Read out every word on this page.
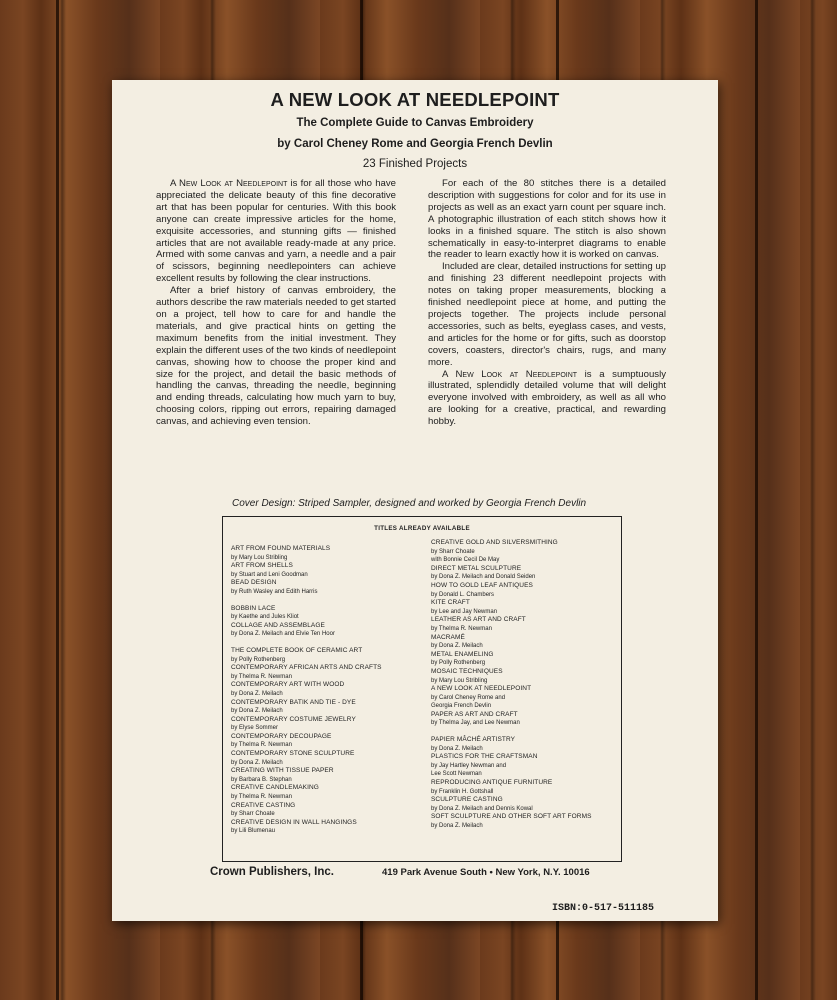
A NEW LOOK AT NEEDLEPOINT
The Complete Guide to Canvas Embroidery
by Carol Cheney Rome and Georgia French Devlin
23 Finished Projects

A New Look at Needlepoint is for all those who have appreciated the delicate beauty of this fine decorative art that has been popular for centuries. With this book anyone can create impressive articles for the home, exquisite accessories, and stunning gifts — finished articles that are not available ready-made at any price. Armed with some canvas and yarn, a needle and a pair of scissors, beginning needlepointers can achieve excellent results by following the clear instructions.

After a brief history of canvas embroidery, the authors describe the raw materials needed to get started on a project, tell how to care for and handle the materials, and give practical hints on getting the maximum benefits from the initial investment. They explain the different uses of the two kinds of needlepoint canvas, showing how to choose the proper kind and size for the project, and detail the basic methods of handling the canvas, threading the needle, beginning and ending threads, calculating how much yarn to buy, choosing colors, ripping out errors, repairing damaged canvas, and achieving even tension.

For each of the 80 stitches there is a detailed description with suggestions for color and for its use in projects as well as an exact yarn count per square inch. A photographic illustration of each stitch shows how it looks in a finished square. The stitch is also shown schematically in easy-to-interpret diagrams to enable the reader to learn exactly how it is worked on canvas.

Included are clear, detailed instructions for setting up and finishing 23 different needlepoint projects with notes on taking proper measurements, blocking a finished needlepoint piece at home, and putting the projects together. The projects include personal accessories, such as belts, eyeglass cases, and vests, and articles for the home or for gifts, such as doorstop covers, coasters, director's chairs, rugs, and many more.

A New Look at Needlepoint is a sumptuously illustrated, splendidly detailed volume that will delight everyone involved with embroidery, as well as all who are looking for a creative, practical, and rewarding hobby.

Cover Design: Striped Sampler, designed and worked by Georgia French Devlin
TITLES ALREADY AVAILABLE
ART FROM FOUND MATERIALS
by Mary Lou Stribling
ART FROM SHELLS
by Stuart and Leni Goodman
BEAD DESIGN
by Ruth Wasley and Edith Harris
BOBBIN LACE
by Kaethe and Jules Kliot
COLLAGE AND ASSEMBLAGE
by Dona Z. Meilach and Elvie Ten Hoor
THE COMPLETE BOOK OF CERAMIC ART
by Polly Rothenberg
CONTEMPORARY AFRICAN ARTS AND CRAFTS
by Thelma R. Newman
CONTEMPORARY ART WITH WOOD
by Dona Z. Meilach
CONTEMPORARY BATIK AND TIE - DYE
by Dona Z. Meilach
CONTEMPORARY COSTUME JEWELRY
by Elyse Sommer
CONTEMPORARY DECOUPAGE
by Thelma R. Newman
CONTEMPORARY STONE SCULPTURE
by Dona Z. Meilach
CREATING WITH TISSUE PAPER
by Barbara B. Stephan
CREATIVE CANDLEMAKING
by Thelma R. Newman
CREATIVE CASTING
by Sharr Choate
CREATIVE DESIGN IN WALL HANGINGS
by Lili Blumenau
CREATIVE GOLD AND SILVERSMITHING
by Sharr Choate
with Bonnie Cecil De May
DIRECT METAL SCULPTURE
by Dona Z. Meilach and Donald Seiden
HOW TO GOLD LEAF ANTIQUES
by Donald L. Chambers
KITE CRAFT
by Lee and Jay Newman
LEATHER AS ART AND CRAFT
by Thelma R. Newman
MACRAMÉ
by Dona Z. Meilach
METAL ENAMELING
by Polly Rothenberg
MOSAIC TECHNIQUES
by Mary Lou Stribling
A NEW LOOK AT NEEDLEPOINT
by Carol Cheney Rome and
Georgia French Devlin
PAPER AS ART AND CRAFT
by Thelma Jay, and Lee Newman
PAPIER MÂCHÉ ARTISTRY
by Dona Z. Meilach
PLASTICS FOR THE CRAFTSMAN
by Jay Hartley Newman and
Lee Scott Newman
REPRODUCING ANTIQUE FURNITURE
by Franklin H. Gottshall
SCULPTURE CASTING
by Dona Z. Meilach and Dennis Kowal
SOFT SCULPTURE AND OTHER SOFT ART FORMS
by Dona Z. Meilach
Crown Publishers, Inc.	419 Park Avenue South • New York, N.Y. 10016
ISBN:0-517-511185
